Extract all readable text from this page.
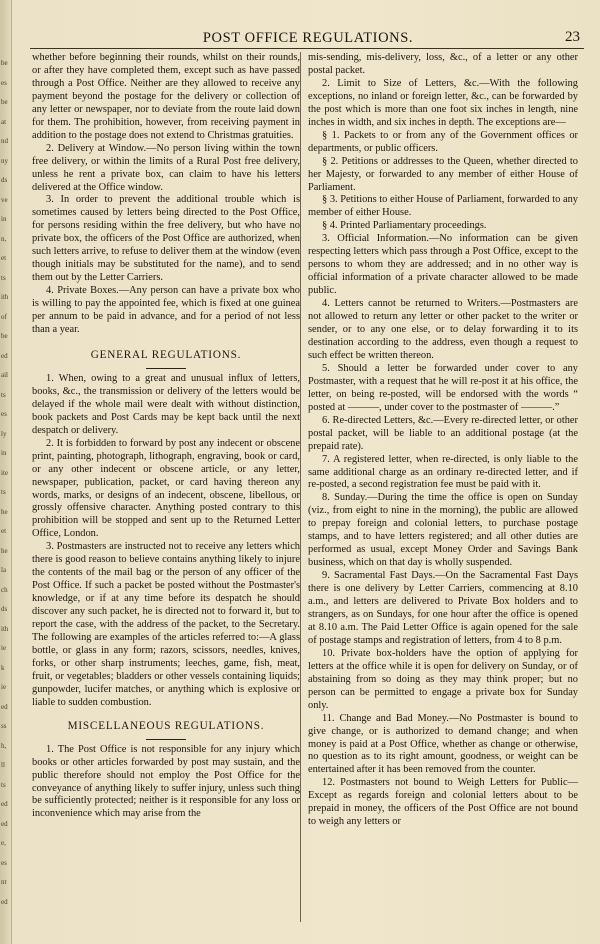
be
es
be
at
nd
ny
ds
ve
in
n,
et
ts
ith
of
be
ed
ail
ts
es
ly
in
ite
ts
he
et
he
la
ch
ds
ith
ie
k
ie
ed
ss
h,
ll
ts
ed
ed
e,
es
nt
ed
POST OFFICE REGULATIONS.	23

whether before beginning their rounds, whilst on their rounds, or after they have completed them, except such as have passed through a Post Office. Neither are they allowed to receive any payment beyond the postage for the delivery or collection of any letter or newspaper, nor to deviate from the route laid down for them. The prohibition, however, from receiving payment in addition to the postage does not extend to Christmas gratuities.

2. Delivery at Window.—No person living within the town free delivery, or within the limits of a Rural Post free delivery, unless he rent a private box, can claim to have his letters delivered at the Office window.

3. In order to prevent the additional trouble which is sometimes caused by letters being directed to the Post Office, for persons residing within the free delivery, but who have no private box, the officers of the Post Office are authorized, when such letters arrive, to refuse to deliver them at the window (even though initials may be substituted for the name), and to send them out by the Letter Carriers.

4. Private Boxes.—Any person can have a private box who is willing to pay the appointed fee, which is fixed at one guinea per annum to be paid in advance, and for a period of not less than a year.

GENERAL REGULATIONS.

1. When, owing to a great and unusual influx of letters, books, &c., the transmission or delivery of the letters would be delayed if the whole mail were dealt with without distinction, book packets and Post Cards may be kept back until the next despatch or delivery.

2. It is forbidden to forward by post any indecent or obscene print, painting, photograph, lithograph, engraving, book or card, or any other indecent or obscene article, or any letter, newspaper, publication, packet, or card having thereon any words, marks, or designs of an indecent, obscene, libellous, or grossly offensive character. Anything posted contrary to this prohibition will be stopped and sent up to the Returned Letter Office, London.

3. Postmasters are instructed not to receive any letters which there is good reason to believe contains anything likely to injure the contents of the mail bag or the person of any officer of the Post Office. If such a packet be posted without the Postmaster's knowledge, or if at any time before its despatch he should discover any such packet, he is directed not to forward it, but to report the case, with the address of the packet, to the Secretary. The following are examples of the articles referred to:—A glass bottle, or glass in any form; razors, scissors, needles, knives, forks, or other sharp instruments; leeches, game, fish, meat, fruit, or vegetables; bladders or other vessels containing liquids; gunpowder, lucifer matches, or anything which is explosive or liable to sudden combustion.

MISCELLANEOUS REGULATIONS.

1. The Post Office is not responsible for any injury which books or other articles forwarded by post may sustain, and the public therefore should not employ the Post Office for the conveyance of anything likely to suffer injury, unless such thing be sufficiently protected; neither is it responsible for any loss or inconvenience which may arise from the

mis-sending, mis-delivery, loss, &c., of a letter or any other postal packet.

2. Limit to Size of Letters, &c.—With the following exceptions, no inland or foreign letter, &c., can be forwarded by the post which is more than one foot six inches in length, nine inches in width, and six inches in depth. The exceptions are—

§ 1. Packets to or from any of the Government offices or departments, or public officers.

§ 2. Petitions or addresses to the Queen, whether directed to her Majesty, or forwarded to any member of either House of Parliament.

§ 3. Petitions to either House of Parliament, forwarded to any member of either House.

§ 4. Printed Parliamentary proceedings.

3. Official Information.—No information can be given respecting letters which pass through a Post Office, except to the persons to whom they are addressed; and in no other way is official information of a private character allowed to be made public.

4. Letters cannot be returned to Writers.—Postmasters are not allowed to return any letter or other packet to the writer or sender, or to any one else, or to delay forwarding it to its destination according to the address, even though a request to such effect be written thereon.

5. Should a letter be forwarded under cover to any Postmaster, with a request that he will re-post it at his office, the letter, on being re-posted, will be endorsed with the words “ posted at ———, under cover to the postmaster of ———.”

6. Re-directed Letters, &c.—Every re-directed letter, or other postal packet, will be liable to an additional postage (at the prepaid rate).

7. A registered letter, when re-directed, is only liable to the same additional charge as an ordinary re-directed letter, and if re-posted, a second registration fee must be paid with it.

8. Sunday.—During the time the office is open on Sunday (viz., from eight to nine in the morning), the public are allowed to prepay foreign and colonial letters, to purchase postage stamps, and to have letters registered; and all other duties are performed as usual, except Money Order and Savings Bank business, which on that day is wholly suspended.

9. Sacramental Fast Days.—On the Sacramental Fast Days there is one delivery by Letter Carriers, commencing at 8.10 a.m., and letters are delivered to Private Box holders and to strangers, as on Sundays, for one hour after the office is opened at 8.10 a.m. The Paid Letter Office is again opened for the sale of postage stamps and registration of letters, from 4 to 8 p.m.

10. Private box-holders have the option of applying for letters at the office while it is open for delivery on Sunday, or of abstaining from so doing as they may think proper; but no person can be permitted to engage a private box for Sunday only.

11. Change and Bad Money.—No Postmaster is bound to give change, or is authorized to demand change; and when money is paid at a Post Office, whether as change or otherwise, no question as to its right amount, goodness, or weight can be entertained after it has been removed from the counter.

12. Postmasters not bound to Weigh Letters for Public—Except as regards foreign and colonial letters about to be prepaid in money, the officers of the Post Office are not bound to weigh any letters or
